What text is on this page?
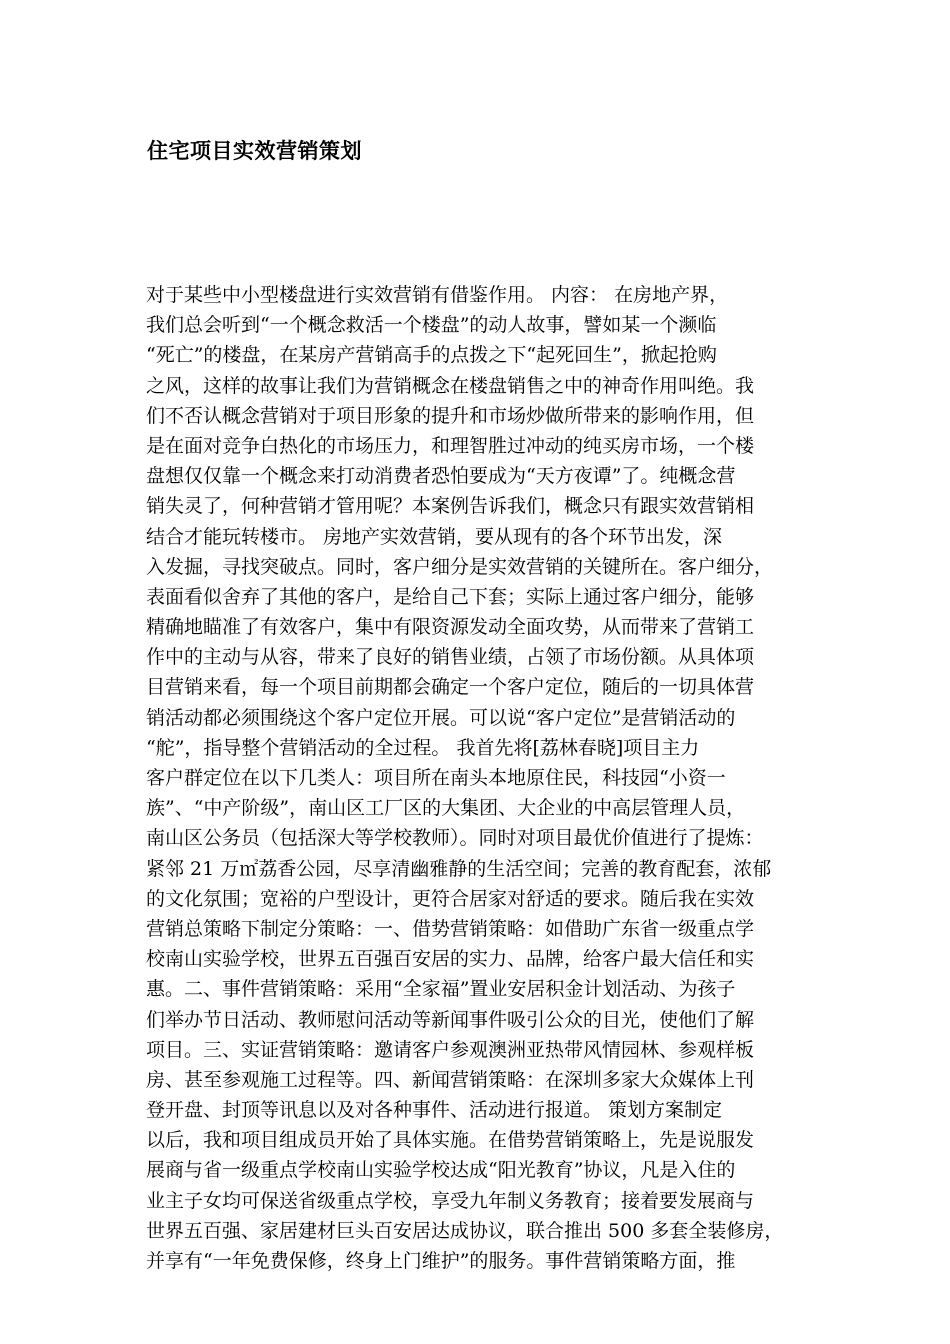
住宅项目实效营销策划
对于某些中小型楼盘进行实效营销有借鉴作用。 内容： 在房地产界，
我们总会听到“一个概念救活一个楼盘”的动人故事，譬如某一个濒临
“死亡”的楼盘，在某房产营销高手的点拨之下“起死回生”，掀起抢购
之风，这样的故事让我们为营销概念在楼盘销售之中的神奇作用叫绝。我
们不否认概念营销对于项目形象的提升和市场炒做所带来的影响作用，但
是在面对竞争白热化的市场压力，和理智胜过冲动的纯买房市场，一个楼
盘想仅仅靠一个概念来打动消费者恐怕要成为“天方夜谭”了。纯概念营
销失灵了，何种营销才管用呢？本案例告诉我们，概念只有跟实效营销相
结合才能玩转楼市。 房地产实效营销，要从现有的各个环节出发，深
入发掘，寻找突破点。同时，客户细分是实效营销的关键所在。客户细分，
表面看似舍弃了其他的客户，是给自己下套；实际上通过客户细分，能够
精确地瞄准了有效客户，集中有限资源发动全面攻势，从而带来了营销工
作中的主动与从容，带来了良好的销售业绩，占领了市场份额。从具体项
目营销来看，每一个项目前期都会确定一个客户定位，随后的一切具体营
销活动都必须围绕这个客户定位开展。可以说“客户定位”是营销活动的
“舵”，指导整个营销活动的全过程。 我首先将[荔林春晓]项目主力
客户群定位在以下几类人：项目所在南头本地原住民，科技园“小资一
族”、“中产阶级”，南山区工厂区的大集团、大企业的中高层管理人员，
南山区公务员（包括深大等学校教师）。同时对项目最优价值进行了提炼：
紧邻 21 万㎡荔香公园，尽享清幽雅静的生活空间；完善的教育配套，浓郁
的文化氛围；宽裕的户型设计，更符合居家对舒适的要求。随后我在实效
营销总策略下制定分策略：一、借势营销策略：如借助广东省一级重点学
校南山实验学校，世界五百强百安居的实力、品牌，给客户最大信任和实
惠。二、事件营销策略：采用“全家福”置业安居积金计划活动、为孩子
们举办节日活动、教师慰问活动等新闻事件吸引公众的目光，使他们了解
项目。三、实证营销策略：邀请客户参观澳洲亚热带风情园林、参观样板
房、甚至参观施工过程等。四、新闻营销策略：在深圳多家大众媒体上刊
登开盘、封顶等讯息以及对各种事件、活动进行报道。 策划方案制定
以后，我和项目组成员开始了具体实施。在借势营销策略上，先是说服发
展商与省一级重点学校南山实验学校达成“阳光教育”协议，凡是入住的
业主子女均可保送省级重点学校，享受九年制义务教育；接着要发展商与
世界五百强、家居建材巨头百安居达成协议，联合推出 500 多套全装修房，
并享有“一年免费保修，终身上门维护”的服务。事件营销策略方面，推
